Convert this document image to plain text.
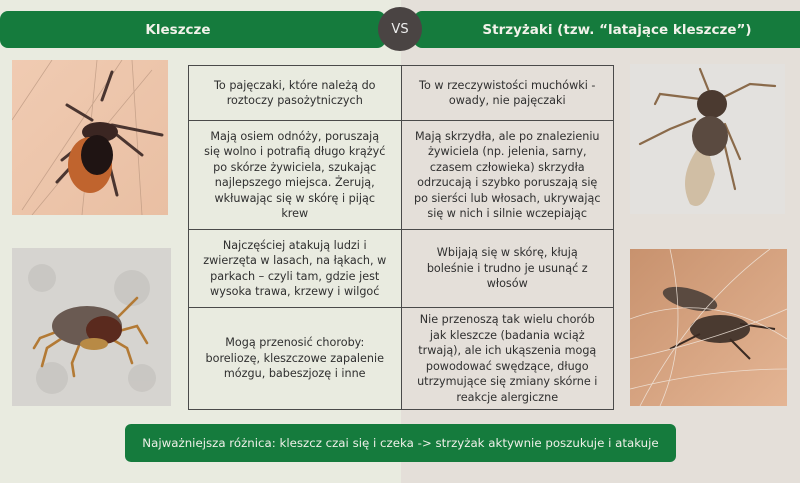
Kleszcze	Strzyżaki (tzw. “latające kleszcze”)
VS
To pajęczaki, które należą do roztoczy pasożytniczych	To w rzeczywistości muchówki - owady, nie pajęczaki
Mają osiem odnóży, poruszają się wolno i potrafią długo krążyć po skórze żywiciela, szukając najlepszego miejsca. Żerują, wkłuwając się w skórę i pijąc krew	Mają skrzydła, ale po znalezieniu żywiciela (np. jelenia, sarny, czasem człowieka) skrzydła odrzucają i szybko poruszają się po sierści lub włosach, ukrywając się w nich i silnie wczepiając
Najczęściej atakują ludzi i zwierzęta w lasach, na łąkach, w parkach – czyli tam, gdzie jest wysoka trawa, krzewy i wilgoć	Wbijają się w skórę, kłują boleśnie i trudno je usunąć z włosów
Mogą przenosić choroby: boreliozę, kleszczowe zapalenie mózgu, babeszjozę i inne	Nie przenoszą tak wielu chorób jak kleszcze (badania wciąż trwają), ale ich ukąszenia mogą powodować swędzące, długo utrzymujące się zmiany skórne i reakcje alergiczne
Najważniejsza różnica: kleszcz czai się i czeka -> strzyżak aktywnie poszukuje i atakuje
